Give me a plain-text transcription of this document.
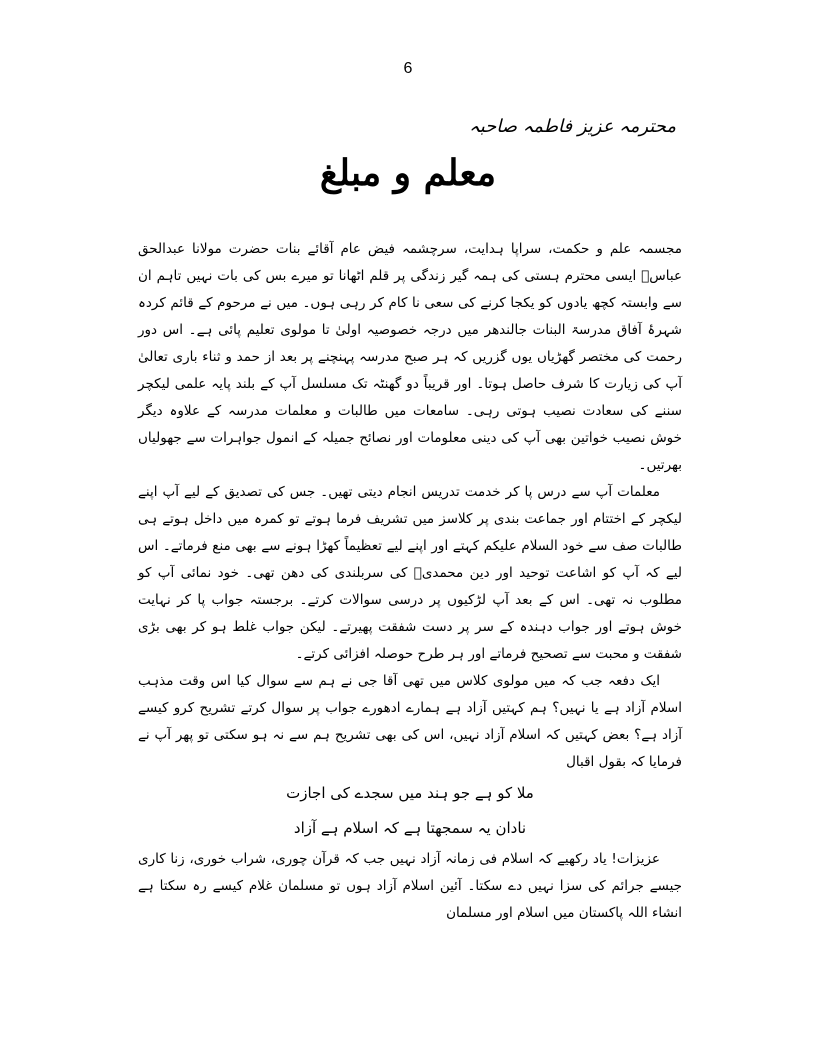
6
محترمہ عزیز فاطمہ صاحبہ
معلم و مبلغ

مجسمہ علم و حکمت، سراپا ہدایت، سرچشمہ فیض عام آقائے بنات حضرت مولانا عبدالحق عباسؒ ایسی محترم ہستی کی ہمہ گیر زندگی پر قلم اٹھانا تو میرے بس کی بات نہیں تاہم ان سے وابستہ کچھ یادوں کو یکجا کرنے کی سعی نا کام کر رہی ہوں۔ میں نے مرحوم کے قائم کردہ شہرۂ آفاق مدرسۃ البنات جالندھر میں درجہ خصوصیہ اولیٰ تا مولوی تعلیم پائی ہے۔ اس دور رحمت کی مختصر گھڑیاں یوں گزریں کہ ہر صبح مدرسہ پہنچنے پر بعد از حمد و ثناء باری تعالیٰ آپ کی زیارت کا شرف حاصل ہوتا۔ اور قریباً دو گھنٹہ تک مسلسل آپ کے بلند پایہ علمی لیکچر سننے کی سعادت نصیب ہوتی رہی۔ سامعات میں طالبات و معلمات مدرسہ کے علاوہ دیگر خوش نصیب خواتین بھی آپ کی دینی معلومات اور نصائح جمیلہ کے انمول جواہرات سے جھولیاں بھرتیں۔

معلمات آپ سے درس پا کر خدمت تدریس انجام دیتی تھیں۔ جس کی تصدیق کے لیے آپ اپنے لیکچر کے اختتام اور جماعت بندی پر کلاسز میں تشریف فرما ہوتے تو کمرہ میں داخل ہوتے ہی طالبات صف سے خود السلام علیکم کہتے اور اپنے لیے تعظیماً کھڑا ہونے سے بھی منع فرماتے۔ اس لیے کہ آپ کو اشاعت توحید اور دین محمدیؐ کی سربلندی کی دھن تھی۔ خود نمائی آپ کو مطلوب نہ تھی۔ اس کے بعد آپ لڑکیوں پر درسی سوالات کرتے۔ برجستہ جواب پا کر نہایت خوش ہوتے اور جواب دہندہ کے سر پر دست شفقت پھیرتے۔ لیکن جواب غلط ہو کر بھی بڑی شفقت و محبت سے تصحیح فرماتے اور ہر طرح حوصلہ افزائی کرتے۔

ایک دفعہ جب کہ میں مولوی کلاس میں تھی آقا جی نے ہم سے سوال کیا اس وقت مذہب اسلام آزاد ہے یا نہیں؟ ہم کہتیں آزاد ہے ہمارے ادھورے جواب پر سوال کرتے تشریح کرو کیسے آزاد ہے؟ بعض کہتیں کہ اسلام آزاد نہیں، اس کی بھی تشریح ہم سے نہ ہو سکتی تو پھر آپ نے فرمایا کہ بقول اقبال

ملا کو ہے جو ہند میں سجدے کی اجازت

نادان یہ سمجھتا ہے کہ اسلام ہے آزاد

عزیزات! یاد رکھیے کہ اسلام فی زمانہ آزاد نہیں جب کہ قرآن چوری، شراب خوری، زنا کاری جیسے جرائم کی سزا نہیں دے سکتا۔ آئین اسلام آزاد ہوں تو مسلمان غلام کیسے رہ سکتا ہے انشاء اللہ پاکستان میں اسلام اور مسلمان
